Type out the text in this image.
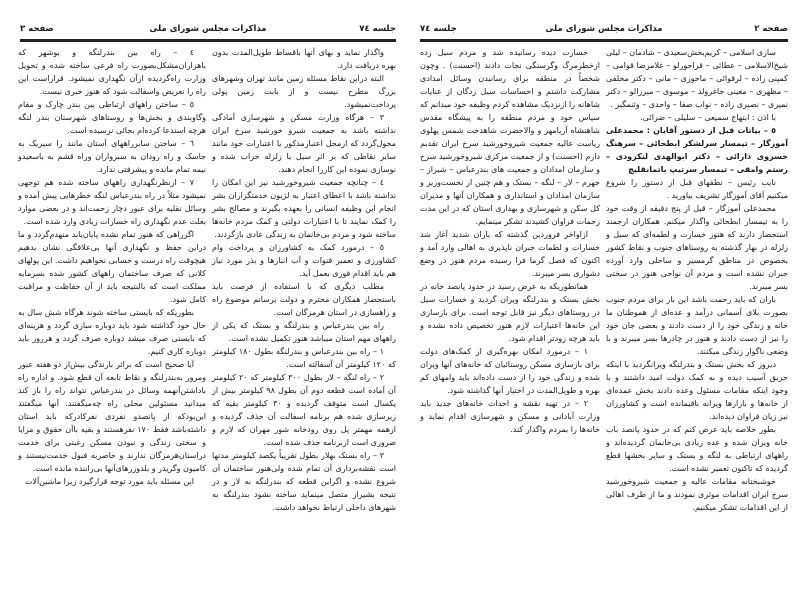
صفحه ۲
مذاکرات مجلس شورای ملی
جلسه ۷٤

سازی اسلامی – کریم‌بخش‌سعیدی – شادمان – لیلی شیخ‌الاسلامی – عطائی – قراجورلو – غلامرضا قوامی – کمپنی زاده – لرقوائی – ماحوزی – مانی – دکتر مخلفی – مظهری – معینی جاغرولد – موسوی – میرزالو – دکتر نمیری – نصیری زاده – نواب صفا – واحدی – وثنمگیر .

با اذن : ابتهاج سمیعی – سلیلی – ضرائی.

٥ – بیانات قبل از دستور آقایان : محمدعلی آموزگار – تیمسار سرلشکر ابطحائی – سرهنگ خسروی دارائی – دکتر ابوالهدی لنکرودی – رستم وامقی – تیمسار سرتیپ باتمانقلیچ

نایب رئیس – نطقهای قبل از دستور را شروع میکنیم آقای آموزگار تشریف بیاورید .

محمدعلی آموزگار – قبل از پنج دقیقه از وقت خود را به تیمسار ابطحائی واگذار میکنم. همکاران ارجمند استحضار دارند که هنوز خسارت و لطمه‌ای که سیل و زلزله در بهار گذشته به روستاهای جنوب و نقاط کشور بخصوص در مناطق گرمسیر و ساحلی وارد آورده جبران نشده است و مردم آن نواحی هنوز در سختی بسر میبرند.

باران که باید رحمت باشد این بار برای مردم جنوب بصورت بلای آسمانی درآمد و عده‌ای از هموطنان ما خانه و زندگی خود را از دست دادند و بعضی جان خود را نیز از دست دادند و هنوز در چادرها بسر میبرند و با وضعی ناگوار زندگی میکنند.

دیروز که بخش بستک و بندرلنگه ویرانگردید با اینکه حریق آسیب دیده و به کمک دولت امید داشتند و با وجود اینکه مقامات مسئول وعده دادند بخش عمده‌ای از خانه‌ها و بازارها ویرانه باقیمانده است و کشاورزان نیز زیان فراوان دیده‌اند.

بطور خلاصه باید عرض کنم که در حدود پانصد باب خانه ویران شده و عده زیادی بی‌خانمان گردیده‌اند و راههای ارتباطی به لنگه و بستک و سایر بخشها قطع گردیده که تاکنون تعمیر نشده است.

خوشبختانه مقامات عالیه و جمعیت شیروخورشید سرخ ایران اقدامات موثری نمودند و ما از طرف اهالی از این اقدامات تشکر میکنیم.

خسارت دیده رسانیده شد و مردم سیل زده ازخطرمرگ وگرسنگی نجات دادند (احسنت) . وچون شخصاً در منطقه برای رسانیدن وسائل امدادی مشارکت داشتم و احساسات سیل زدگان از عنایات شاهانه را ازنزدیک مشاهده کردم وظیفه خود میدانم که سپاس خود و مردم منطقه را به پیشگاه مقدس شاهنشاه آریامهر و والاحضرت شاهدخت شمس پهلوی ریاست عالیه جمعیت شیروخورشید سرخ ایران تقدیم دارم (احسنت) و از جمعیت مرکزی شیروخورشید سرخ و سازمان امدادان و جمعیت های بندرعباس – شیراز – جهرم – لار – لنگه – بستک و هم چنین از نخست‌وزیر و سازمان امدادان و استانداری و همکاران آنها و مدیران کل سکن و شهرسازی و بهداری استان که در این مدت زحمات فراوان کشیدند تشکر مینمایم.

ازاواخر فروردین گذشته که باران شدید آغاز شد خسارات و لطمات جبران ناپذیری به اهالی وارد آمد و اکنون که فصل گرما فرا رسیده مردم هنوز در وضع دشواری بسر میبرند.

همانطوریکه به عرض رسید در حدود پانصد خانه در بخش بستک و بندرلنگه ویران گردید و خسارات سیل در روستاهای دیگر نیز قابل توجه است. برای بازسازی این خانه‌ها اعتبارات لازم هنوز تخصیص داده نشده و باید هرچه زودتر اقدام شود.

۱ – درمورد امکان بهره‌گیری از کمک‌های دولت برای بازسازی مسکن روستائیان که خانه‌های آنها ویران شده و زندگی خود را از دست داده‌اند باید وامهای کم بهره و طویل‌المدت در اختیار آنها گذاشته شود.

۲ – در تهیه نقشه و احداث خانه‌های جدید باید وزارت آبادانی و مسکن و شهرسازی اقدام نماید و خانه‌ها را بمردم واگذار کند.

جلسه ۷٤
مذاکرات مجلس شورای ملی
صفحه ۳

واگذار نماید و بهای آنها باقساط طویل‌المدت بدون بهره دریافت دارد.

البته دراین نقاط مسئله زمین مانند تهران وشهرهای بزرگ مطرح نیست و از بابت زمین پولی پرداخت‌نمیشود.

۳ – هرگاه وزارت مسکن و شهرسازی آمادگی نداشته باشد به جمعیت شیرو خورشید سرخ ایران محول‌گردد که ازمحل اعتبارمذکور یا اعتبارات خود مانند سایر نقاطی که بر اثر سیل یا زلزله خراب شده و نوسازی نموده این کاررا انجام دهند.

٤ – چنانچه جمعیت شیروخورشید نیز این امکان را نداشته باشد با اعطای اعتبار به لژیون خدمتگزاران بشر انجام این وظیفه انسانی را بعهده بگیرند و مصالح بشر را کمک نمایند تا با اعتبارات دولتی و کمک مردم خانه‌ها ساخته شود و مردم بی‌خانمان به زندگی عادی بازگردند.

٥ – درمورد کمک به کشاورزان و پرداخت وام کشاورزی و تعمیر قنوات و آب انبارها و بذر مورد نیاز هم باید اقدام فوری بعمل آید.

مطلب دیگری که با استفاده از فرصت باید باستحضار همکاران محترم و دولت برسانم موضوع راه و راهسازی در استان هرمزگان است.

راه بین بندرعباس و بندرلنگه و بستک که یکی از راههای مهم استان میباشد هنوز تکمیل نشده است.

۱ – راه بین بندرعباس و بندرلنگه بطول ۱۸۰ کیلومتر که ۱۲۰ کیلومتر آن آسفالته است.

۲ – راه لنگه – لار بطول ۳۰۰ کیلومتر که ۲۰ کیلومتر آن آماده است قطعه دوم آن بطول ۹۸ کیلومتر بیش از یکسال است متوقف گردیده و ۳۰ کیلومتر بقیه که زیرسازی شده هم برنامه اسفالت آن حذف گردیده و ازهمه مهمتر پل روی رودخانه شور مهران که لازم و ضروری است ازبرنامه حذف شده است.

۳ – راه بستک بهلار بطول تقریباً یکصد کیلومتر مدتها است نقشه‌برداری آن تمام شده ولی‌هنوز ساختمان آن شروع نشده و اگراین قطعه که بندرلنگه به لار و در نتیجه بشیراز متصل مینماید ساخته نشود بندرلنگه به شهرهای داخلی ارتباط نخواهد داشت.

٤ – راه بین بندرلنگه و بوشهر که باهزاران‌مشکل‌بصورت راه فرعی ساخته شده و تحویل وزارت راه‌گردیده ازآن نگهداری نمیشود. قراراست این راه را تعریض واسفالت شود که هنوز خبری نیست.

٥ – ساختن راههای ارتباطی بین بندر چارک و مقام وگاوبندی و بخش‌ها و روستاهای شهرستان بندر لنگه هرچه استدعا کرده‌ام بجائی نرسیده است.

٦ – ساختن سایرراههای آستان مانند را سیریک به جاسک و راه رودان به سبزواران وراه قشم به باسعیدو نیمه تمام مانده و پیشرفتی ندارد.

٧ – ازنظرنگهداری راههای ساخته شده هم توجهی نمیشود مثلاً در راه بندرعباس لنگه خطرهایی پیش آمده و وسائل نقلیه برای عبور دچار زحمت‌اند و در بعضی موارد بعلت عدم نگهداری راه خسارات زیادی وارد شده است.

اگرراهی که هنوز تمام نشده پایان‌یابد منهدم‌گردد و ما دراین حفظ و نگهداری آنها بی‌علاقگی نشان بدهیم هیچوقت راه درست و حسابی نخواهیم داشت. این پولهای کلانی که صرف ساختمان راههای کشور شده بسرمایه مملکت است که بالنتیجه باید از آن حفاظت و مراقبت کامل شود.

بطوریکه که بایستی ساخته شوند هرگاه شش سال به حال خود گذاشته شود باید دوباره سازی گردد و هزینه‌ای که بایستی صرف میشد دوباره صرف گردد و هرروز باید دوباره کاری کنیم.

آیا صحیح است که براثر بارندگی بیش‌از دو هفته عبور ومرور به‌بندرلنگه و نقاط تابعه آن قطع شود. و اداره راه باداشتن‌آنهمه وسائل در بندرعباس نتواند راه را باز کند میدانید مسئولین محلی راه چه‌میگفتند. آنها میگفتند این‌بودکه از پانصدو نفردی نفرکادرکه باید استان داشته‌باشد فقط ۱۷۰ نفرهستند و بقیه باآن حقوق و مزایا و سختی زندگی و نبودن مسکن رغبتی برای خدمت دراستان‌هرمزگان ندارند و حاضربه قبول خدمت‌نیستند و کامیون وگریدر و بلدوزرهای‌آنها بی‌راننده مانده است.

این مسئله باید مورد توجه قرارگیرد زیرا ماشین‌آلات
